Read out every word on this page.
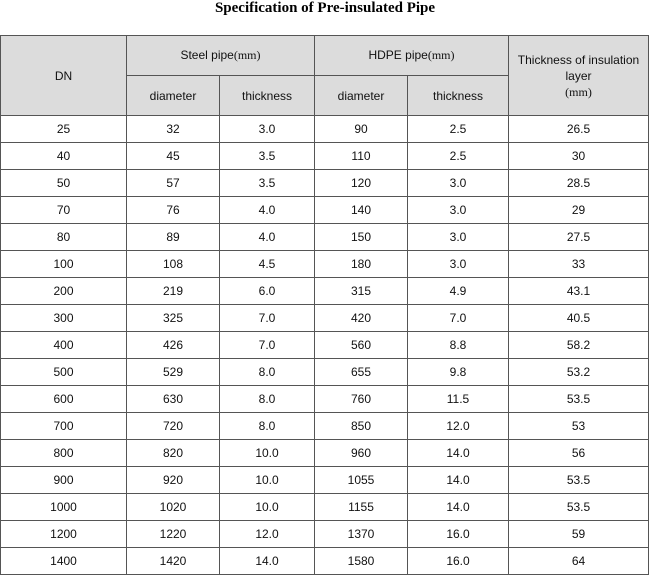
Specification of Pre-insulated Pipe
DN	Steel pipe(mm)		HDPE pipe(mm)		Thickness of insulation
layer
(mm)

	diameter	thickness	diameter	thickness	
25	32	3.0	90	2.5	26.5
40	45	3.5	110	2.5	30
50	57	3.5	120	3.0	28.5
70	76	4.0	140	3.0	29
80	89	4.0	150	3.0	27.5
100	108	4.5	180	3.0	33
200	219	6.0	315	4.9	43.1
300	325	7.0	420	7.0	40.5
400	426	7.0	560	8.8	58.2
500	529	8.0	655	9.8	53.2
600	630	8.0	760	11.5	53.5
700	720	8.0	850	12.0	53
800	820	10.0	960	14.0	56
900	920	10.0	1055	14.0	53.5
1000	1020	10.0	1155	14.0	53.5
1200	1220	12.0	1370	16.0	59
1400	1420	14.0	1580	16.0	64
